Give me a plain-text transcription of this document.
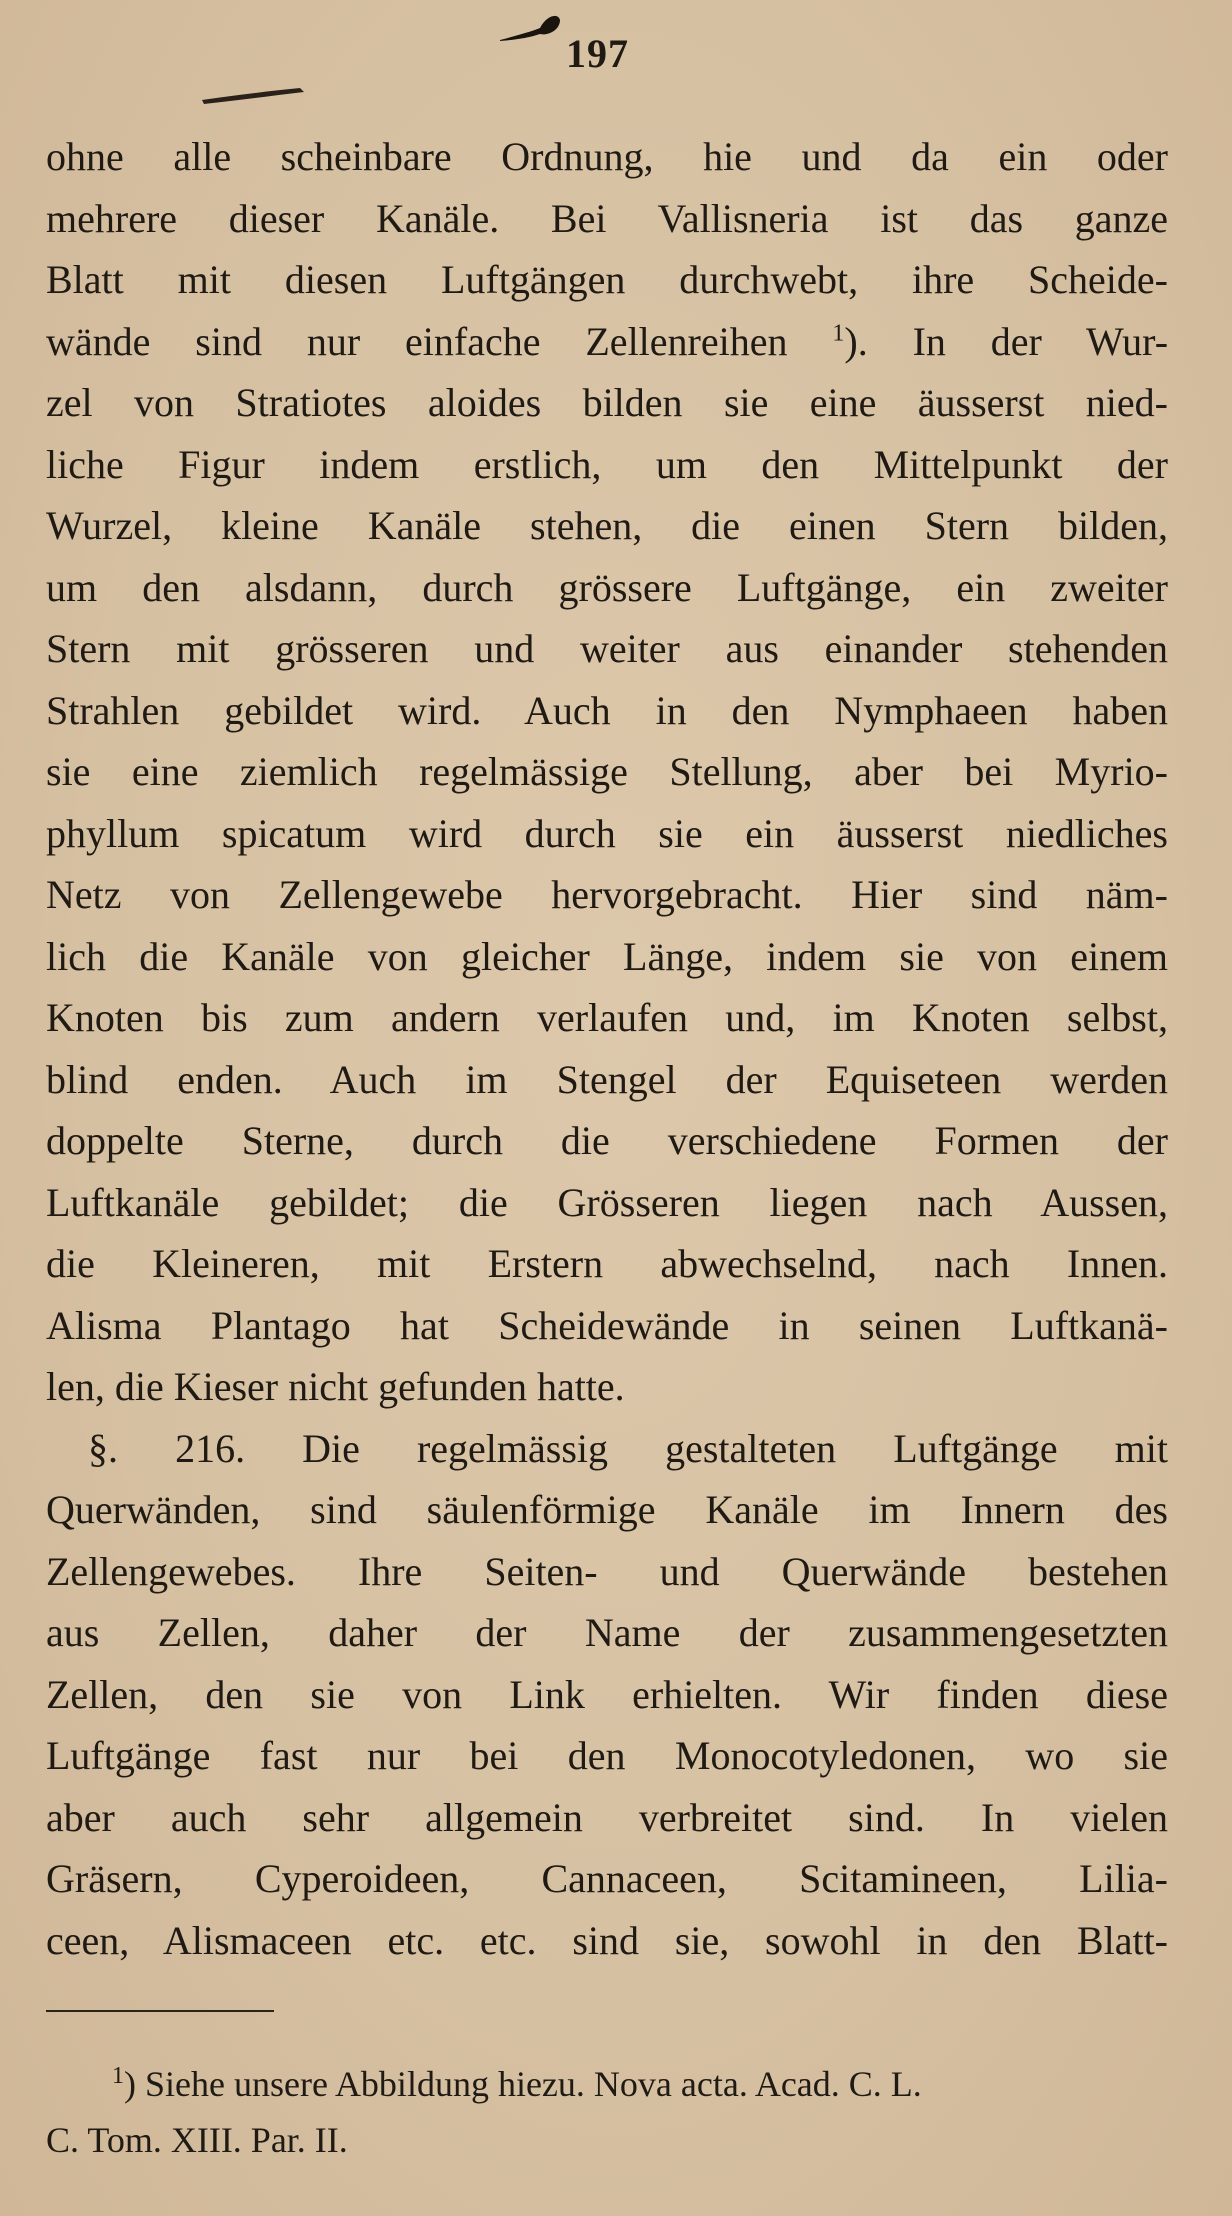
197
ohne alle scheinbare Ordnung, hie und da ein oder
mehrere dieser Kanäle. Bei Vallisneria ist das ganze
Blatt mit diesen Luftgängen durchwebt, ihre Scheide-
wände sind nur einfache Zellenreihen $^1$). In der Wur-
zel von Stratiotes aloides bilden sie eine äusserst nied-
liche Figur indem erstlich, um den Mittelpunkt der
Wurzel, kleine Kanäle stehen, die einen Stern bilden,
um den alsdann, durch grössere Luftgänge, ein zweiter
Stern mit grösseren und weiter aus einander stehenden
Strahlen gebildet wird. Auch in den Nymphaeen haben
sie eine ziemlich regelmässige Stellung, aber bei Myrio-
phyllum spicatum wird durch sie ein äusserst niedliches
Netz von Zellengewebe hervorgebracht. Hier sind näm-
lich die Kanäle von gleicher Länge, indem sie von einem
Knoten bis zum andern verlaufen und, im Knoten selbst,
blind enden. Auch im Stengel der Equiseteen werden
doppelte Sterne, durch die verschiedene Formen der
Luftkanäle gebildet; die Grösseren liegen nach Aussen,
die Kleineren, mit Erstern abwechselnd, nach Innen.
Alisma Plantago hat Scheidewände in seinen Luftkanä-
len, die Kieser nicht gefunden hatte.
§. 216. Die regelmässig gestalteten Luftgänge mit
Querwänden, sind säulenförmige Kanäle im Innern des
Zellengewebes. Ihre Seiten- und Querwände bestehen
aus Zellen, daher der Name der zusammengesetzten
Zellen, den sie von Link erhielten. Wir finden diese
Luftgänge fast nur bei den Monocotyledonen, wo sie
aber auch sehr allgemein verbreitet sind. In vielen
Gräsern, Cyperoideen, Cannaceen, Scitamineen, Lilia-
ceen, Alismaceen etc. etc. sind sie, sowohl in den Blatt-
$^1$) Siehe unsere Abbildung hiezu. Nova acta. Acad. C. L.
C. Tom. XIII. Par. II.
